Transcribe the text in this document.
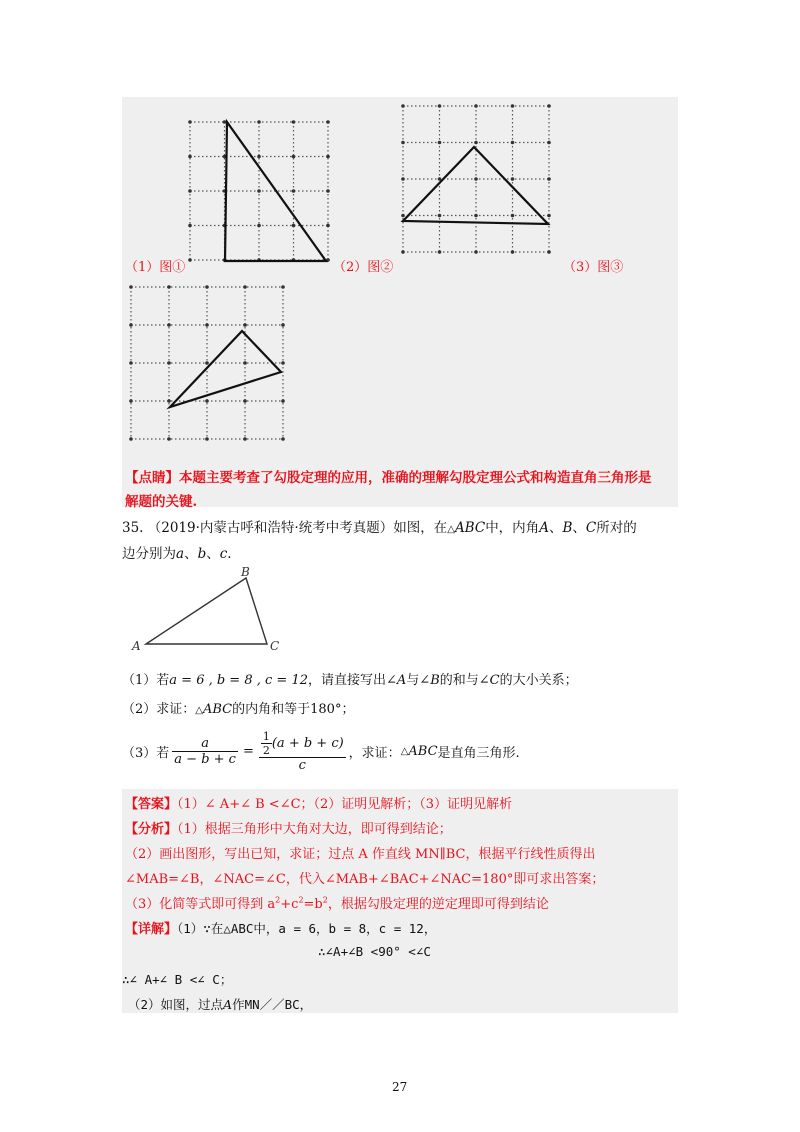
（1）图①	（2）图②	（3）图③
【点睛】本题主要考查了勾股定理的应用，准确的理解勾股定理公式和构造直角三角形是
解题的关键.
35. （2019·内蒙古呼和浩特·统考中考真题）如图，在△ABC中，内角A、B、C所对的
边分别为a、b、c.
A
B
C
（1）若a = 6 , b = 8 , c = 12，请直接写出∠A与∠B的和与∠C的大小关系；
（2）求证：△ABC的内角和等于180°；
（3）若 $\frac{a}{a - b + c} = \frac{\frac{1}{2} (a + b + c)}{c}$ ，求证： △ ABC 是直角三角形.
【答案】（1）∠ A+∠ B <∠C；（2）证明见解析；（3）证明见解析
【分析】（1）根据三角形中大角对大边，即可得到结论；
（2）画出图形，写出已知，求证；过点 A 作直线 MN∥BC，根据平行线性质得出
∠MAB=∠B，∠NAC=∠C，代入∠MAB+∠BAC+∠NAC=180°即可求出答案；
（3）化简等式即可得到 $a^2+c^2=b^2$，根据勾股定理的逆定理即可得到结论
【详解】（1）∵在△ABC中，a = 6，b = 8，c = 12，
∴∠A+∠B <90° <∠C
∴∠ A+∠ B <∠ C；
（2）如图，过点A作MN／／BC，
27
